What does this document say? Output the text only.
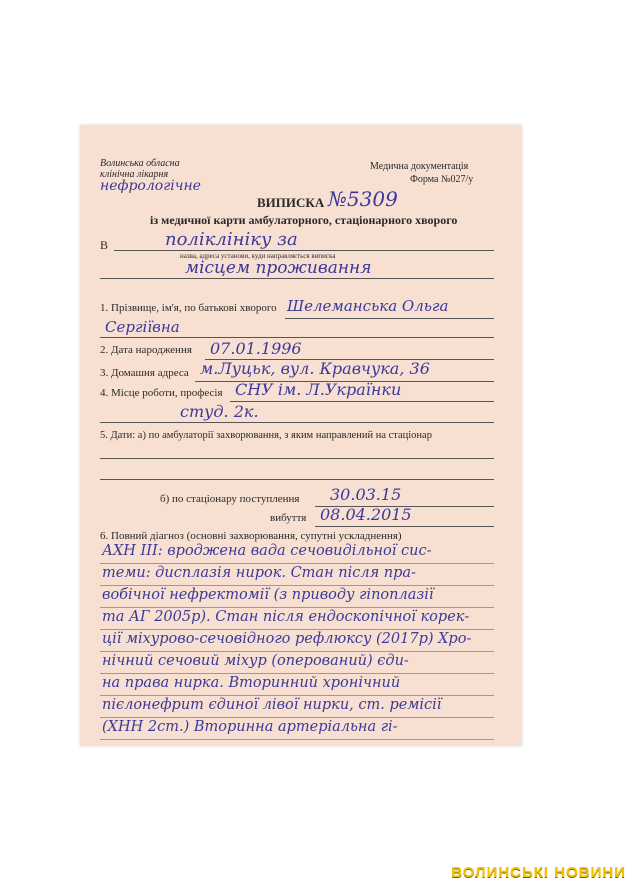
Волинська обласна
клінічна лікарня
нефрологічне
Медична документація
Форма №027/у
ВИПИСКА №5309
із медичної карти амбулаторного, стаціонарного хворого
В	поліклініку за
назва, адреса установи, куди направляється виписка
місцем проживання
1. Прізвище, ім'я, по батькові хворого Шелеманська Ольга
Сергіївна
2. Дата народження 07.01.1996
3. Домашня адреса м.Луцьк, вул. Кравчука, 36
4. Місце роботи, професія СНУ ім. Л.Українки
студ. 2к.
5. Дати: а) по амбулаторії захворювання, з яким направлений на стаціонар
б) по стаціонару поступлення 30.03.15
вибуття 08.04.2015
6. Повний діагноз (основні захворювання, супутні ускладнення)
АХН III: вроджена вада сечовидільної сис-
теми: дисплазія нирок. Стан після пра-
вобічної нефректомії (з приводу гіпоплазії
та АГ 2005р). Стан після ендоскопічної корек-
ції міхурово-сечовідного рефлюксу (2017р) Хро-
нічний сечовий міхур (оперований) єди-
на права нирка. Вторинний хронічний
пієлонефрит єдиної лівої нирки, ст. ремісії
(ХНН 2ст.) Вторинна артеріальна гі-
ВОЛИНСЬКІ НОВИНИ
